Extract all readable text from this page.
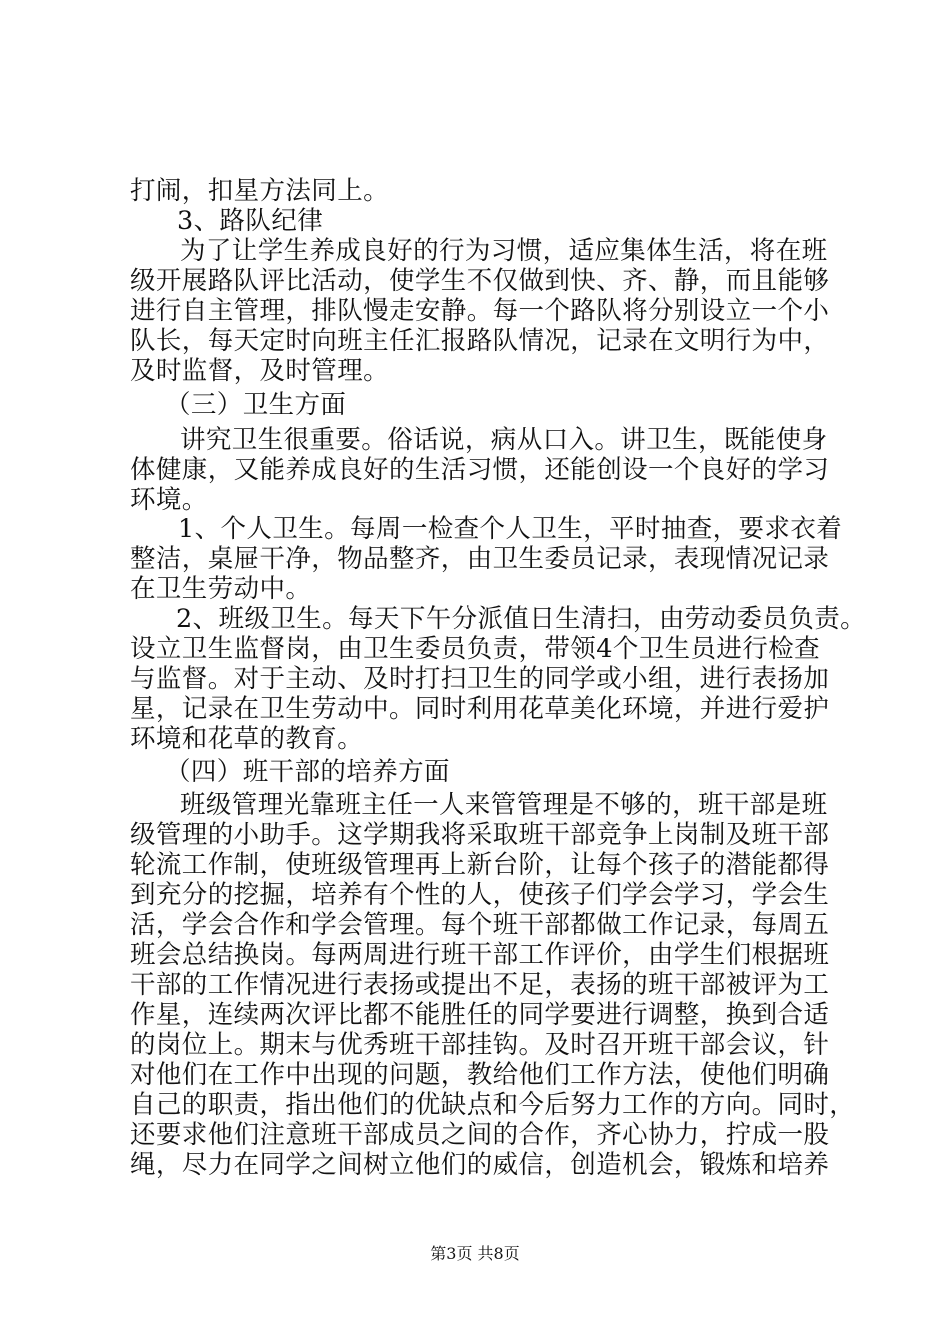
打闹，扣星方法同上。
3、路队纪律
为了让学生养成良好的行为习惯，适应集体生活，将在班
级开展路队评比活动，使学生不仅做到快、齐、静，而且能够
进行自主管理，排队慢走安静。每一个路队将分别设立一个小
队长，每天定时向班主任汇报路队情况，记录在文明行为中，
及时监督，及时管理。
（三）卫生方面
讲究卫生很重要。俗话说，病从口入。讲卫生，既能使身
体健康，又能养成良好的生活习惯，还能创设一个良好的学习
环境。
1、个人卫生。每周一检查个人卫生，平时抽查，要求衣着
整洁，桌屉干净，物品整齐，由卫生委员记录，表现情况记录
在卫生劳动中。
2、班级卫生。每天下午分派值日生清扫，由劳动委员负责。
设立卫生监督岗，由卫生委员负责，带领4个卫生员进行检查
与监督。对于主动、及时打扫卫生的同学或小组，进行表扬加
星，记录在卫生劳动中。同时利用花草美化环境，并进行爱护
环境和花草的教育。
（四）班干部的培养方面
班级管理光靠班主任一人来管管理是不够的，班干部是班
级管理的小助手。这学期我将采取班干部竞争上岗制及班干部
轮流工作制，使班级管理再上新台阶，让每个孩子的潜能都得
到充分的挖掘，培养有个性的人，使孩子们学会学习，学会生
活，学会合作和学会管理。每个班干部都做工作记录，每周五
班会总结换岗。每两周进行班干部工作评价，由学生们根据班
干部的工作情况进行表扬或提出不足，表扬的班干部被评为工
作星，连续两次评比都不能胜任的同学要进行调整，换到合适
的岗位上。期末与优秀班干部挂钩。及时召开班干部会议，针
对他们在工作中出现的问题，教给他们工作方法，使他们明确
自己的职责，指出他们的优缺点和今后努力工作的方向。同时，
还要求他们注意班干部成员之间的合作，齐心协力，拧成一股
绳，尽力在同学之间树立他们的威信，创造机会，锻炼和培养
第3页 共8页
